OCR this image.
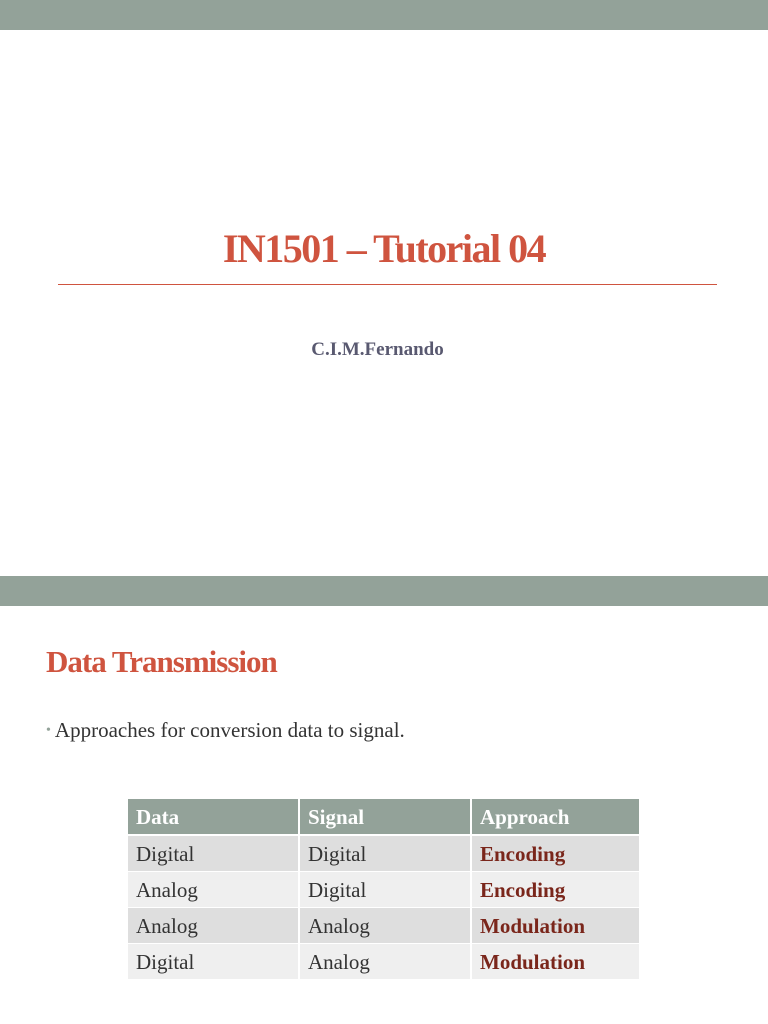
IN1501 – Tutorial 04
C.I.M.Fernando
Data Transmission
• Approaches for conversion data to signal.
Data	Signal	Approach
Digital	Digital	Encoding
Analog	Digital	Encoding
Analog	Analog	Modulation
Digital	Analog	Modulation
